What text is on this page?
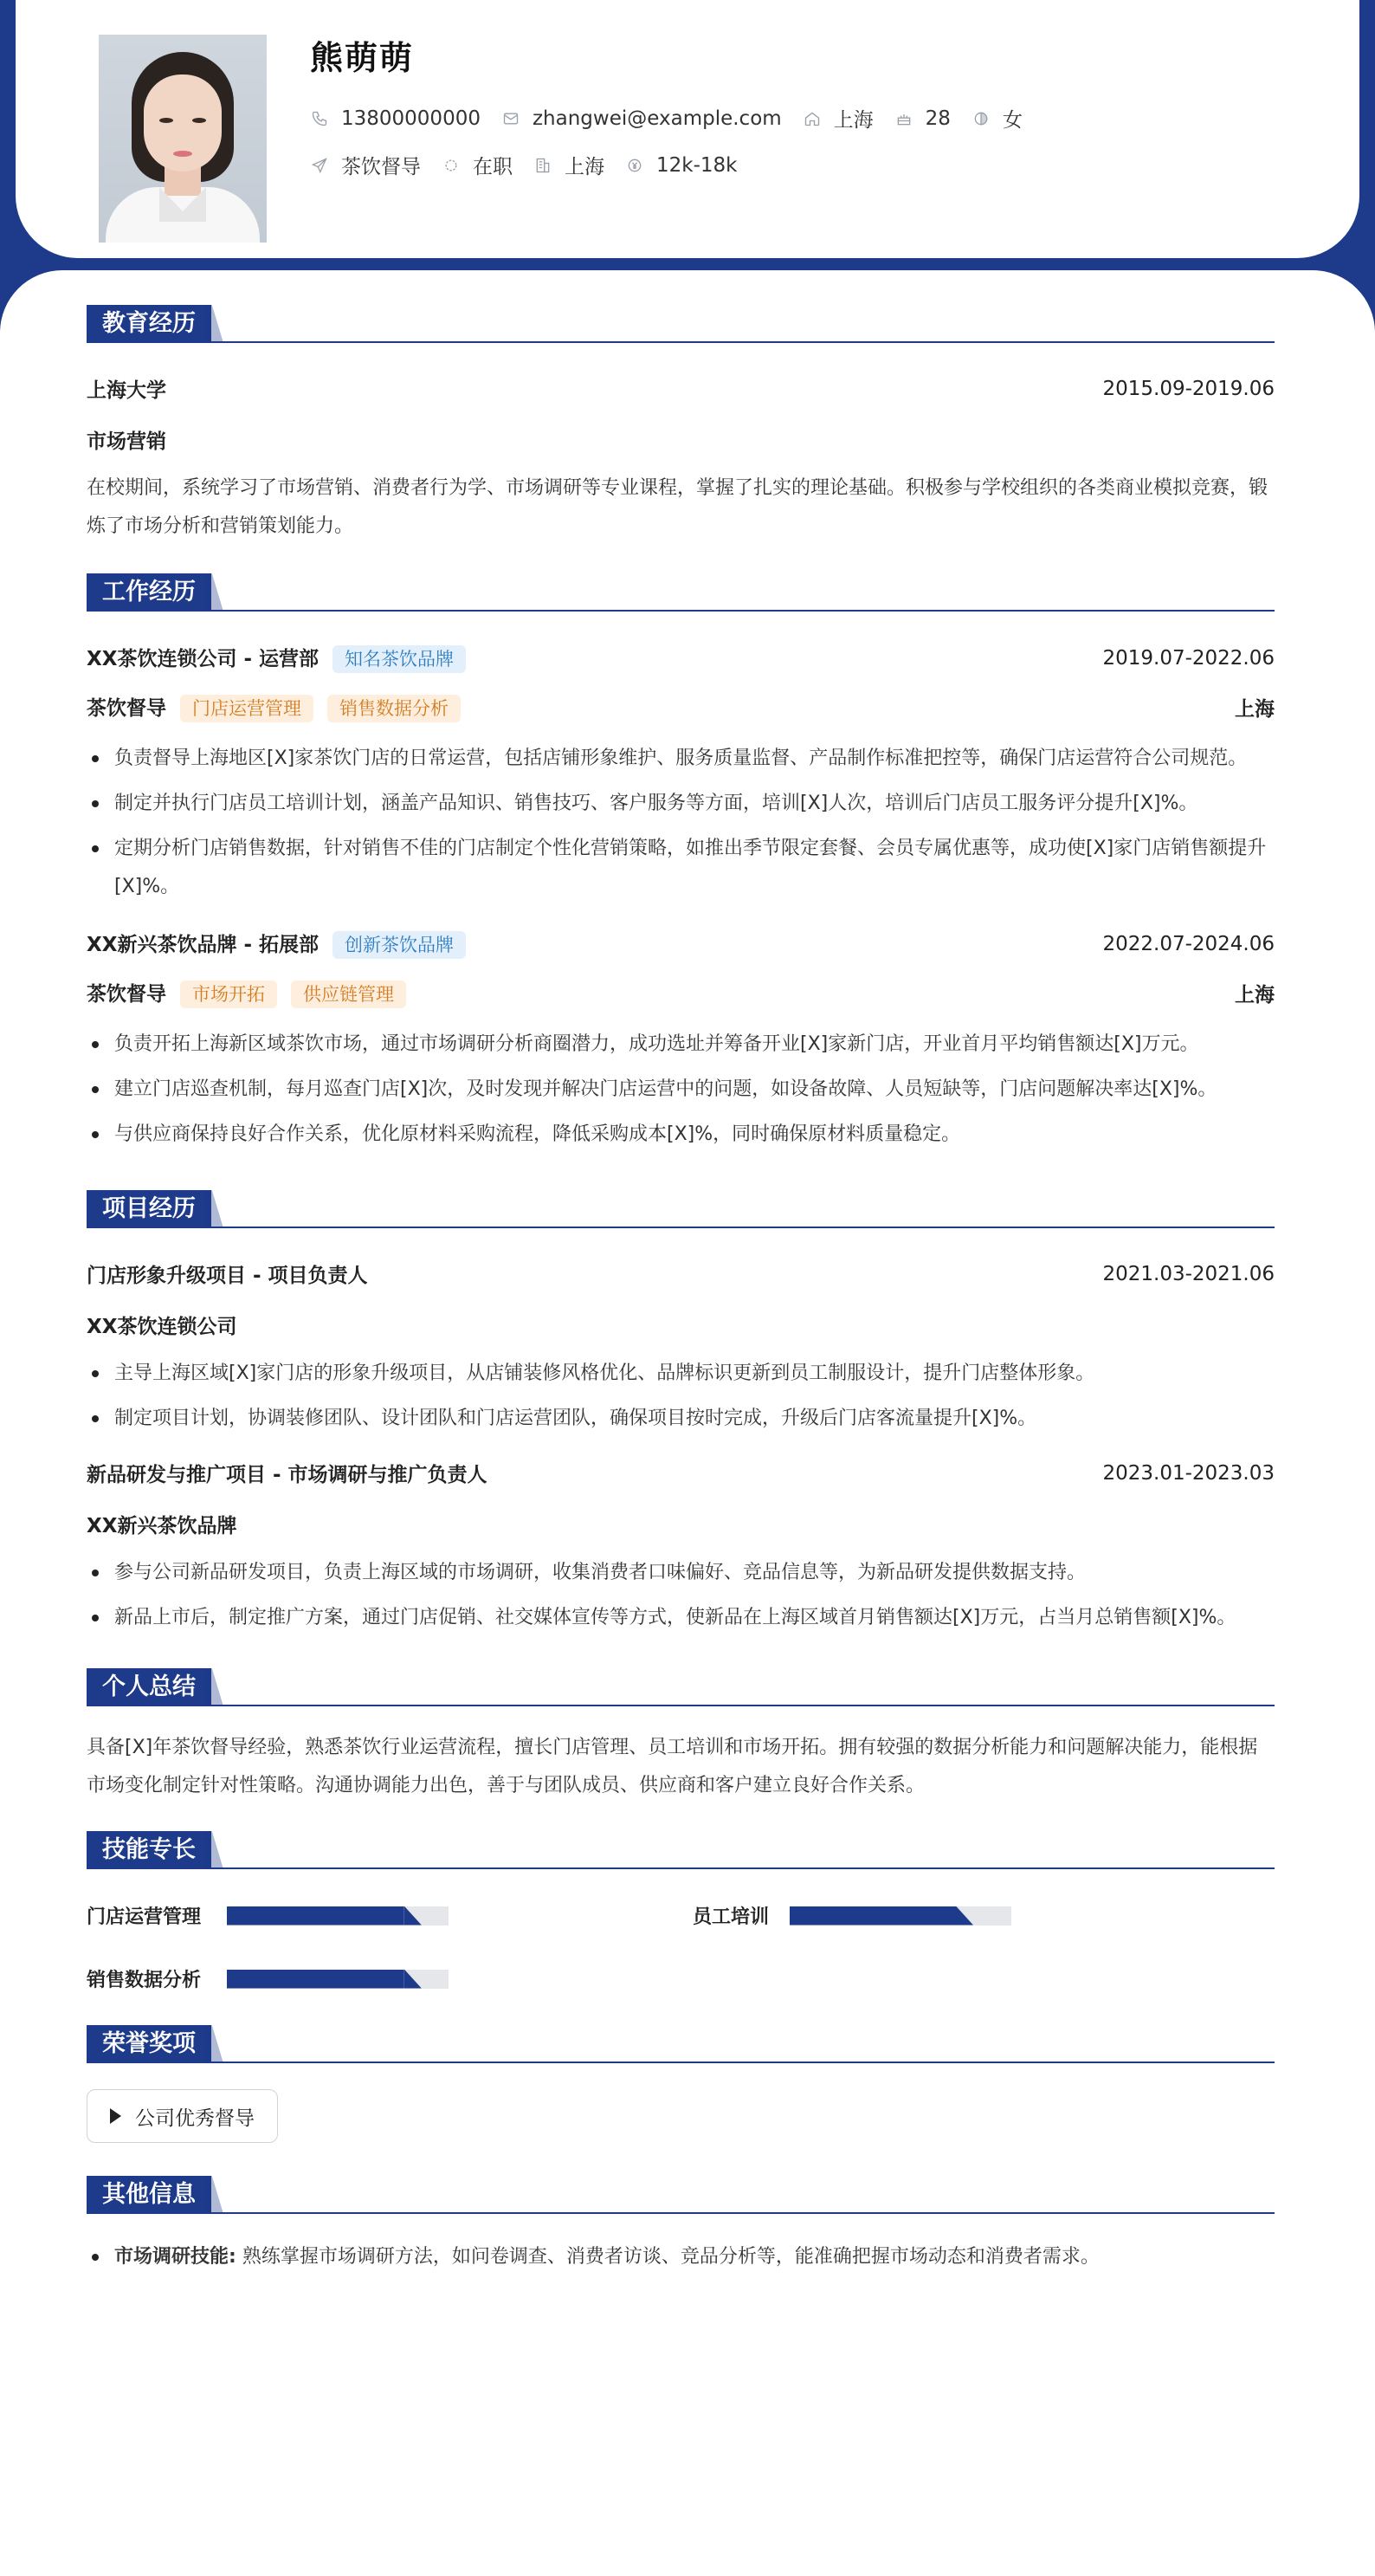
熊萌萌
13800000000	zhangwei@example.com	上海	28	女
茶饮督导	在职	上海	12k-18k
教育经历
上海大学	2015.09-2019.06
市场营销
在校期间，系统学习了市场营销、消费者行为学、市场调研等专业课程，掌握了扎实的理论基础。积极参与学校组织的各类商业模拟竞赛，锻炼了市场分析和营销策划能力。
工作经历
XX茶饮连锁公司 - 运营部 知名茶饮品牌	2019.07-2022.06
茶饮督导 门店运营管理 销售数据分析	上海
负责督导上海地区[X]家茶饮门店的日常运营，包括店铺形象维护、服务质量监督、产品制作标准把控等，确保门店运营符合公司规范。
制定并执行门店员工培训计划，涵盖产品知识、销售技巧、客户服务等方面，培训[X]人次，培训后门店员工服务评分提升[X]%。
定期分析门店销售数据，针对销售不佳的门店制定个性化营销策略，如推出季节限定套餐、会员专属优惠等，成功使[X]家门店销售额提升[X]%。
XX新兴茶饮品牌 - 拓展部 创新茶饮品牌	2022.07-2024.06
茶饮督导 市场开拓 供应链管理	上海
负责开拓上海新区域茶饮市场，通过市场调研分析商圈潜力，成功选址并筹备开业[X]家新门店，开业首月平均销售额达[X]万元。
建立门店巡查机制，每月巡查门店[X]次，及时发现并解决门店运营中的问题，如设备故障、人员短缺等，门店问题解决率达[X]%。
与供应商保持良好合作关系，优化原材料采购流程，降低采购成本[X]%，同时确保原材料质量稳定。
项目经历
门店形象升级项目 - 项目负责人	2021.03-2021.06
XX茶饮连锁公司
主导上海区域[X]家门店的形象升级项目，从店铺装修风格优化、品牌标识更新到员工制服设计，提升门店整体形象。
制定项目计划，协调装修团队、设计团队和门店运营团队，确保项目按时完成，升级后门店客流量提升[X]%。
新品研发与推广项目 - 市场调研与推广负责人	2023.01-2023.03
XX新兴茶饮品牌
参与公司新品研发项目，负责上海区域的市场调研，收集消费者口味偏好、竞品信息等，为新品研发提供数据支持。
新品上市后，制定推广方案，通过门店促销、社交媒体宣传等方式，使新品在上海区域首月销售额达[X]万元，占当月总销售额[X]%。
个人总结
具备[X]年茶饮督导经验，熟悉茶饮行业运营流程，擅长门店管理、员工培训和市场开拓。拥有较强的数据分析能力和问题解决能力，能根据市场变化制定针对性策略。沟通协调能力出色，善于与团队成员、供应商和客户建立良好合作关系。
技能专长
门店运营管理	员工培训
销售数据分析
荣誉奖项
公司优秀督导
其他信息
市场调研技能: 熟练掌握市场调研方法，如问卷调查、消费者访谈、竞品分析等，能准确把握市场动态和消费者需求。
